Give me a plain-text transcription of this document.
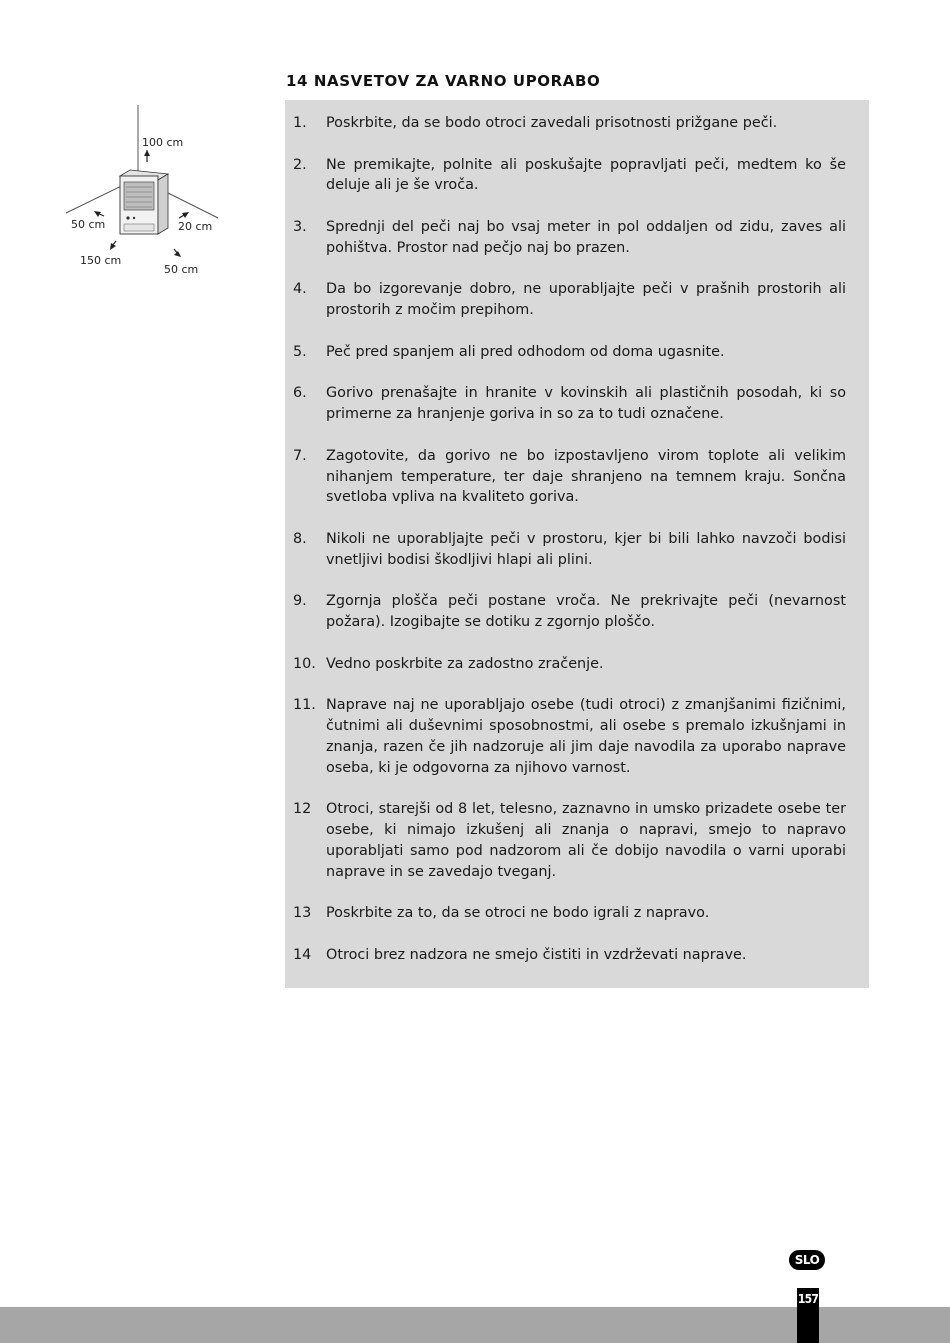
14 NASVETOV ZA VARNO UPORABO
100 cm
50 cm	20 cm
150 cm
50 cm
1.	Poskrbite, da se bodo otroci zavedali prisotnosti prižgane peči.
2.	Ne premikajte, polnite ali poskušajte popravljati peči, medtem ko še deluje ali je še vroča.
3.	Sprednji del peči naj bo vsaj meter in pol oddaljen od zidu, zaves ali pohištva. Prostor nad pečjo naj bo prazen.
4.	Da bo izgorevanje dobro, ne uporabljajte peči v prašnih prostorih ali prostorih z močim prepihom.
5.	Peč pred spanjem ali pred odhodom od doma ugasnite.
6.	Gorivo prenašajte in hranite v kovinskih ali plastičnih posodah, ki so primerne za hranjenje goriva in so za to tudi označene.
7.	Zagotovite, da gorivo ne bo izpostavljeno virom toplote ali velikim nihanjem temperature, ter daje shranjeno na temnem kraju. Sončna svetloba vpliva na kvaliteto goriva.
8.	Nikoli ne uporabljajte peči v prostoru, kjer bi bili lahko navzoči bodisi vnetljivi bodisi škodljivi hlapi ali plini.
9.	Zgornja plošča peči postane vroča. Ne prekrivajte peči (nevarnost požara). Izogibajte se dotiku z zgornjo ploščo.
10. Vedno poskrbite za zadostno zračenje.
11. Naprave naj ne uporabljajo osebe (tudi otroci) z zmanjšanimi fizičnimi, čutnimi ali duševnimi sposobnostmi, ali osebe s premalo izkušnjami in znanja, razen če jih nadzoruje ali jim daje navodila za uporabo naprave oseba, ki je odgovorna za njihovo varnost.
12	Otroci, starejši od 8 let, telesno, zaznavno in umsko prizadete osebe ter osebe, ki nimajo izkušenj ali znanja o napravi, smejo to napravo uporabljati samo pod nadzorom ali če dobijo navodila o varni uporabi naprave in se zavedajo tveganj.
13	Poskrbite za to, da se otroci ne bodo igrali z napravo.
14	Otroci brez nadzora ne smejo čistiti in vzdrževati naprave.
SLO
157
